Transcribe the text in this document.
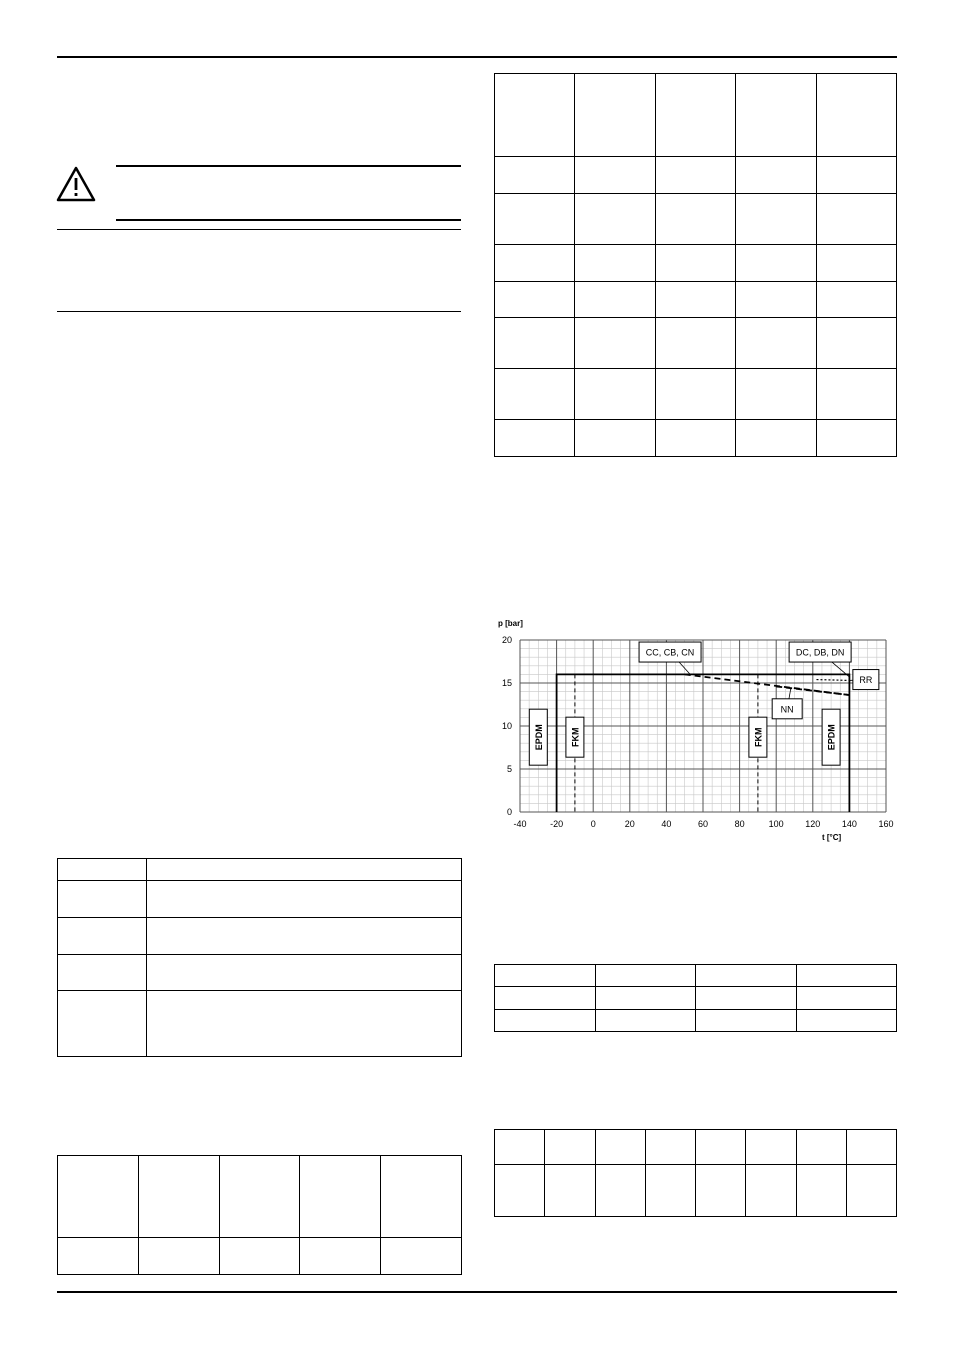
-40	-20	0	20	40	60	80	100 120 140 160
0
5
10
15
20
EPDM	FKM	FKM	EPDM
CC, CB, CN	DC, DB, DN
RR
NN
p [bar]
t [°C]
